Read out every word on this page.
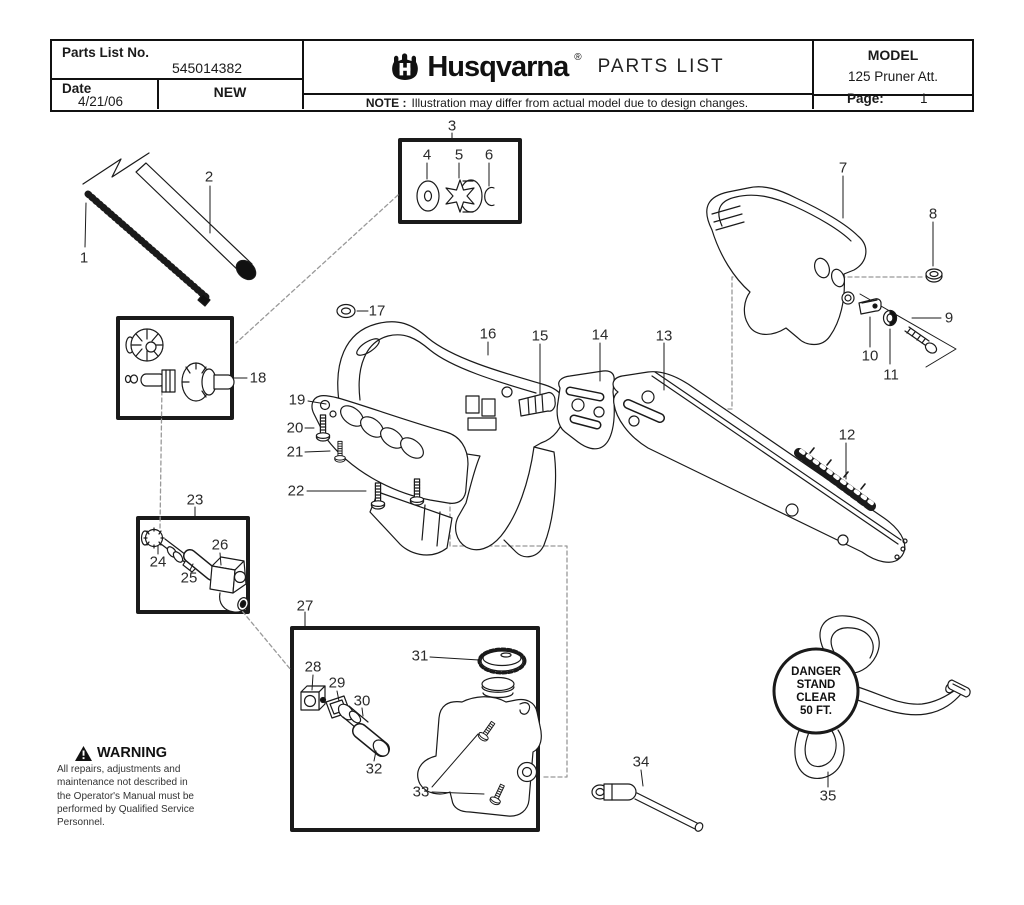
Parts List No.
545014382
Date
4/21/06
NEW
Husqvarna ® PARTS LIST
NOTE : Illustration may differ from actual model due to design changes.
MODEL
125 Pruner Att.
Page:	1
1
2
3
4 5 6
7
8
9
10
11
12
13
14
15
16
17
18
19
20
21
22
23
24
25
26
27
28
29
30
31
32
33
34
35
DANGER
STAND
CLEAR
50 FT.
WARNING
All repairs, adjustments and
maintenance not described in
the Operator's Manual must be
performed by Qualified Service
Personnel.
